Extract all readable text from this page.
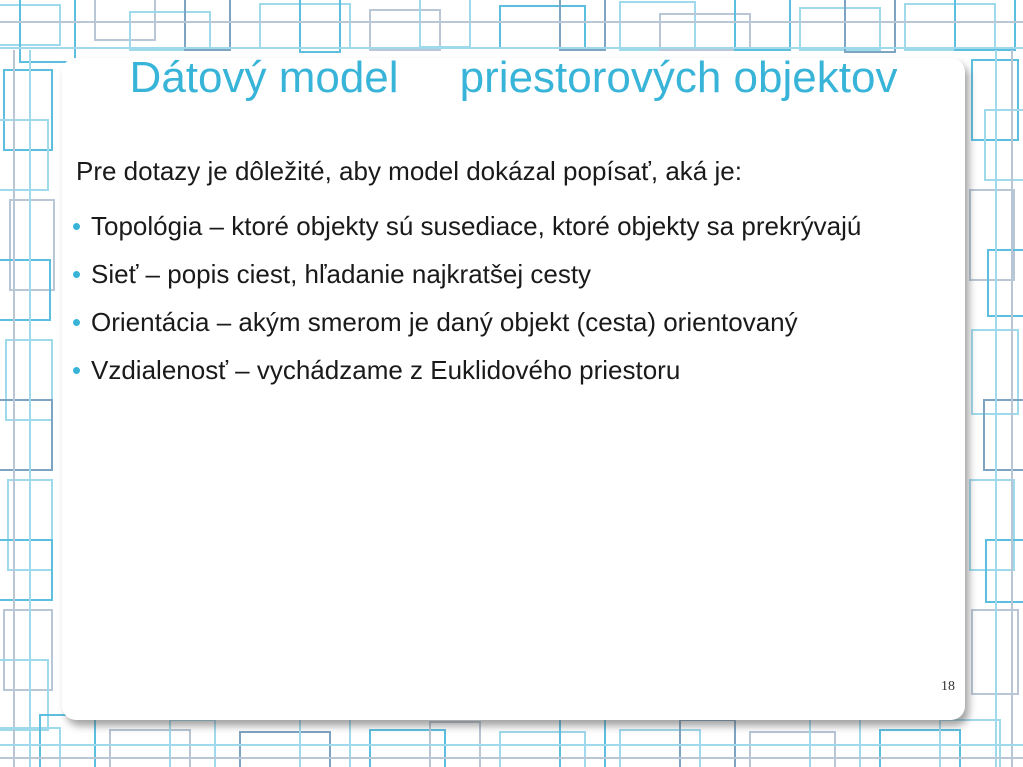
Dátový model     priestorových objektov

Pre dotazy je dôležité, aby model dokázal popísať, aká je:

Topológia – ktoré objekty sú susediace, ktoré objekty sa prekrývajú
Sieť – popis ciest, hľadanie najkratšej cesty
Orientácia – akým smerom je daný objekt (cesta) orientovaný
Vzdialenosť – vychádzame z Euklidového priestoru
18
